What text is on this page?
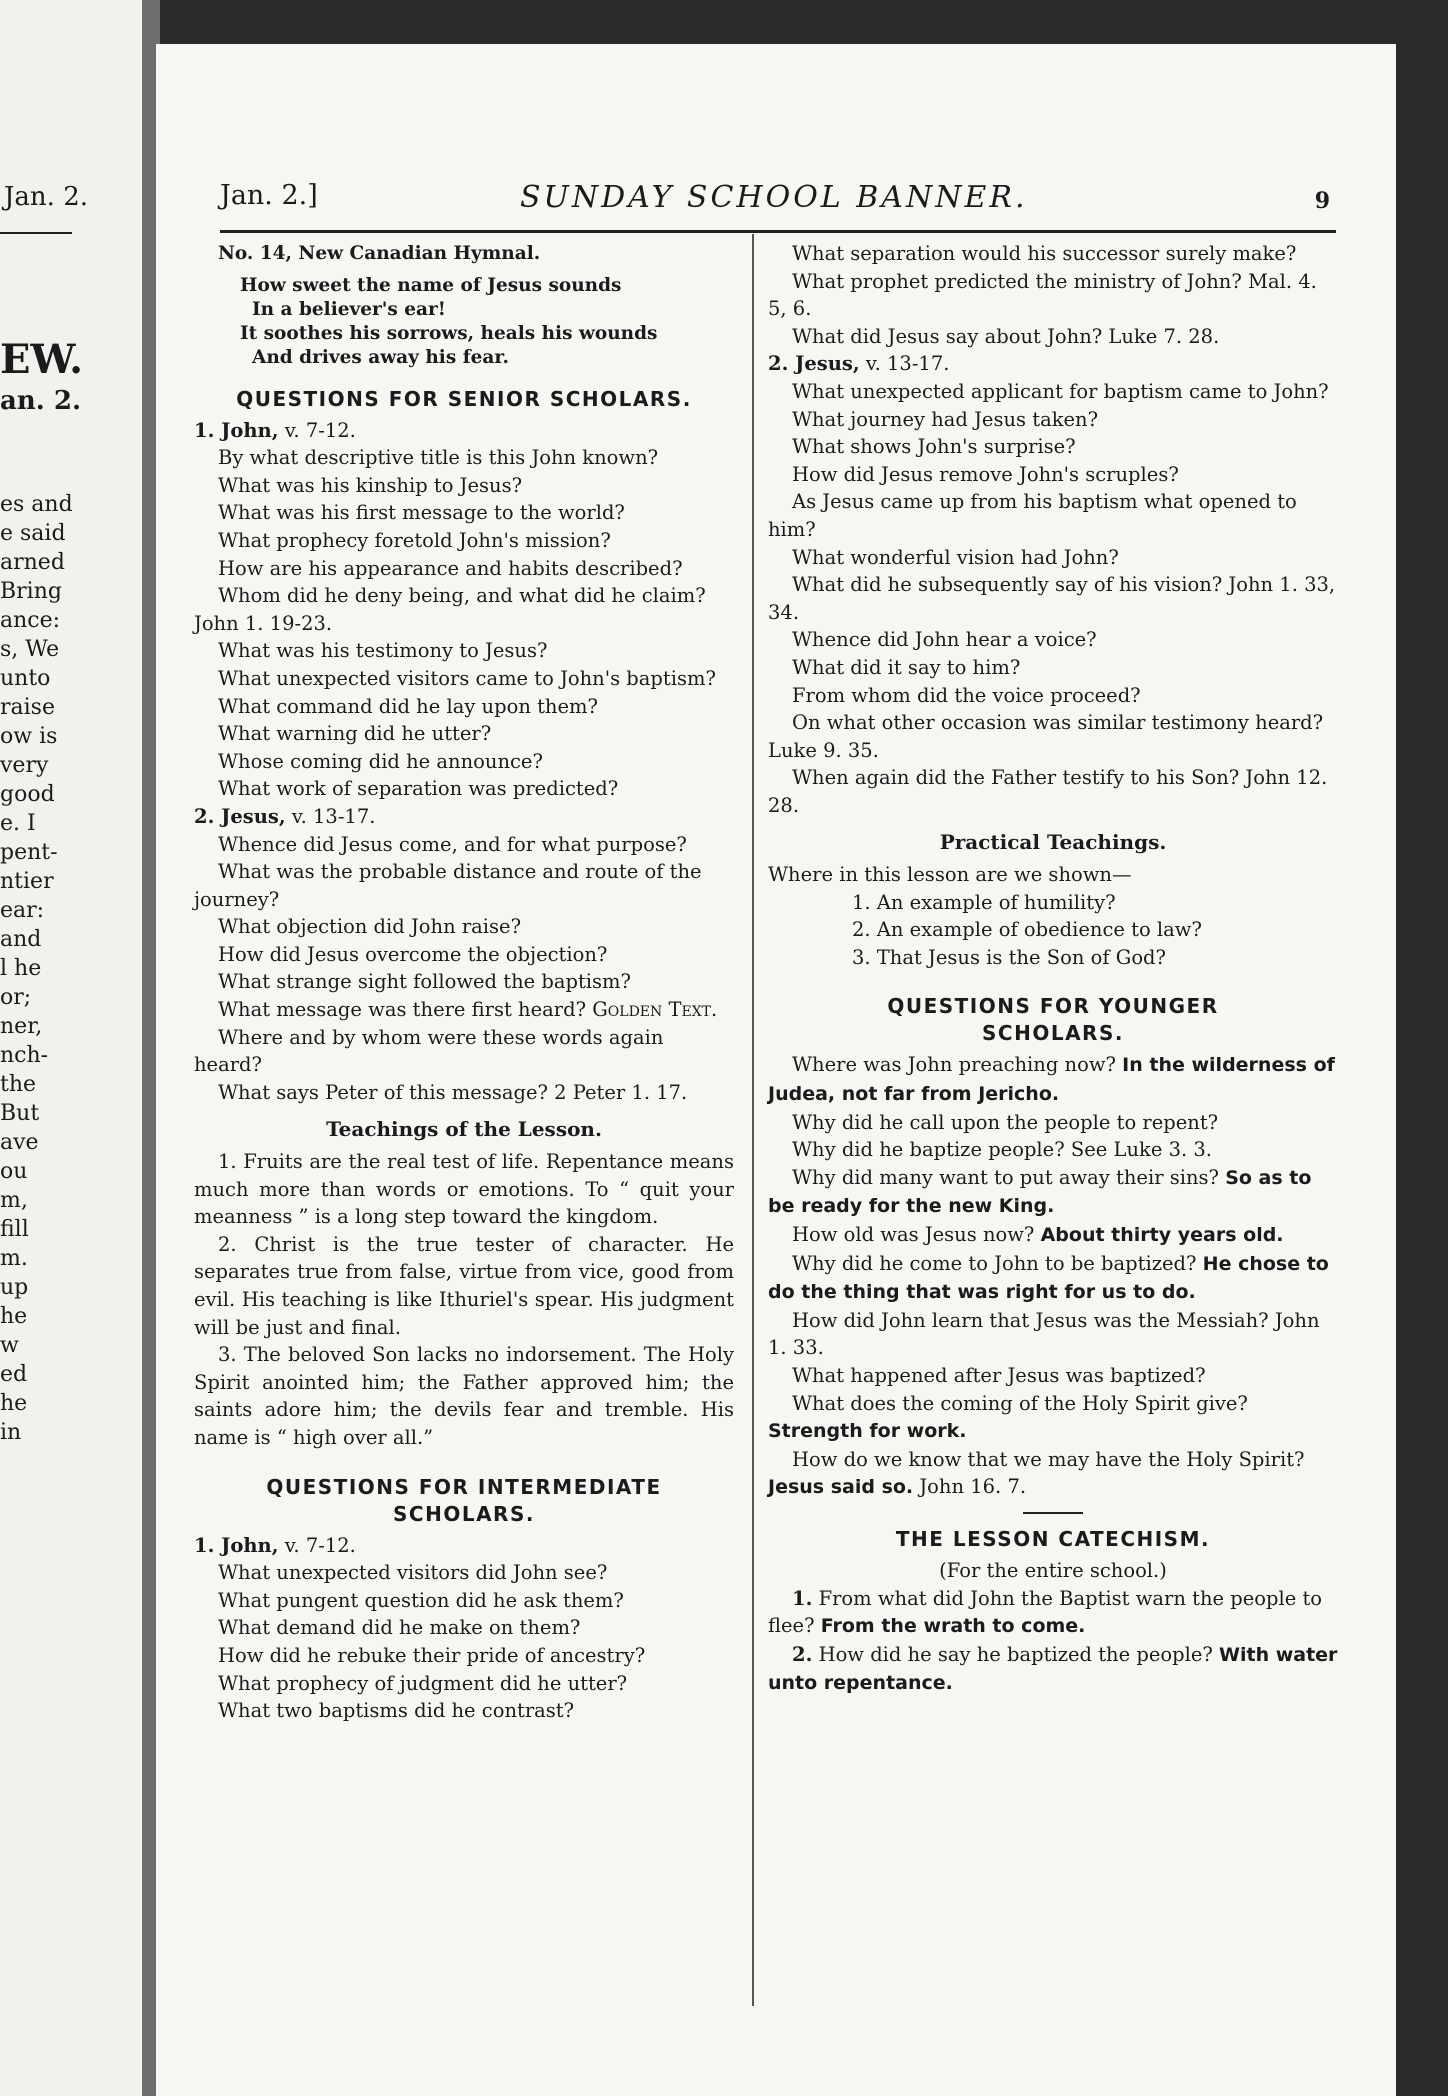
Jan. 2.
EW.
an. 2.
es and
e said
arned
Bring
ance:
s, We
unto
raise
ow is
very
good
e. I
pent-
ntier
ear:
and
l he
or;
ner,
nch-
the
But
ave
ou
m,
fill
m.
up
he
w
ed
he
in
Jan. 2.]	SUNDAY SCHOOL BANNER.	9

No. 14, New Canadian Hymnal.

How sweet the name of Jesus sounds
In a believer's ear!
It soothes his sorrows, heals his wounds
And drives away his fear.

QUESTIONS FOR SENIOR SCHOLARS.

1. John, v. 7-12.

By what descriptive title is this John known?

What was his kinship to Jesus?

What was his first message to the world?

What prophecy foretold John's mission?

How are his appearance and habits described?

Whom did he deny being, and what did he claim? John 1. 19-23.

What was his testimony to Jesus?

What unexpected visitors came to John's baptism?

What command did he lay upon them?

What warning did he utter?

Whose coming did he announce?

What work of separation was predicted?

2. Jesus, v. 13-17.

Whence did Jesus come, and for what purpose?

What was the probable distance and route of the journey?

What objection did John raise?

How did Jesus overcome the objection?

What strange sight followed the baptism?

What message was there first heard? Golden Text.

Where and by whom were these words again heard?

What says Peter of this message? 2 Peter 1. 17.

Teachings of the Lesson.

1. Fruits are the real test of life. Repentance means much more than words or emotions. To “ quit your meanness ” is a long step toward the kingdom.

2. Christ is the true tester of character. He separates true from false, virtue from vice, good from evil. His teaching is like Ithuriel's spear. His judgment will be just and final.

3. The beloved Son lacks no indorsement. The Holy Spirit anointed him; the Father approved him; the saints adore him; the devils fear and tremble. His name is “ high over all.”

QUESTIONS FOR INTERMEDIATE
SCHOLARS.

1. John, v. 7-12.

What unexpected visitors did John see?

What pungent question did he ask them?

What demand did he make on them?

How did he rebuke their pride of ancestry?

What prophecy of judgment did he utter?

What two baptisms did he contrast?

What separation would his successor surely make?

What prophet predicted the ministry of John? Mal. 4. 5, 6.

What did Jesus say about John? Luke 7. 28.

2. Jesus, v. 13-17.

What unexpected applicant for baptism came to John?

What journey had Jesus taken?

What shows John's surprise?

How did Jesus remove John's scruples?

As Jesus came up from his baptism what opened to him?

What wonderful vision had John?

What did he subsequently say of his vision? John 1. 33, 34.

Whence did John hear a voice?

What did it say to him?

From whom did the voice proceed?

On what other occasion was similar testimony heard? Luke 9. 35.

When again did the Father testify to his Son? John 12. 28.

Practical Teachings.

Where in this lesson are we shown—

1. An example of humility?

2. An example of obedience to law?

3. That Jesus is the Son of God?

QUESTIONS FOR YOUNGER
SCHOLARS.

Where was John preaching now? In the wilderness of Judea, not far from Jericho.

Why did he call upon the people to repent?

Why did he baptize people? See Luke 3. 3.

Why did many want to put away their sins? So as to be ready for the new King.

How old was Jesus now? About thirty years old.

Why did he come to John to be baptized? He chose to do the thing that was right for us to do.

How did John learn that Jesus was the Messiah? John 1. 33.

What happened after Jesus was baptized?

What does the coming of the Holy Spirit give? Strength for work.

How do we know that we may have the Holy Spirit? Jesus said so. John 16. 7.

THE LESSON CATECHISM.

(For the entire school.)

1. From what did John the Baptist warn the people to flee? From the wrath to come.

2. How did he say he baptized the people? With water unto repentance.
